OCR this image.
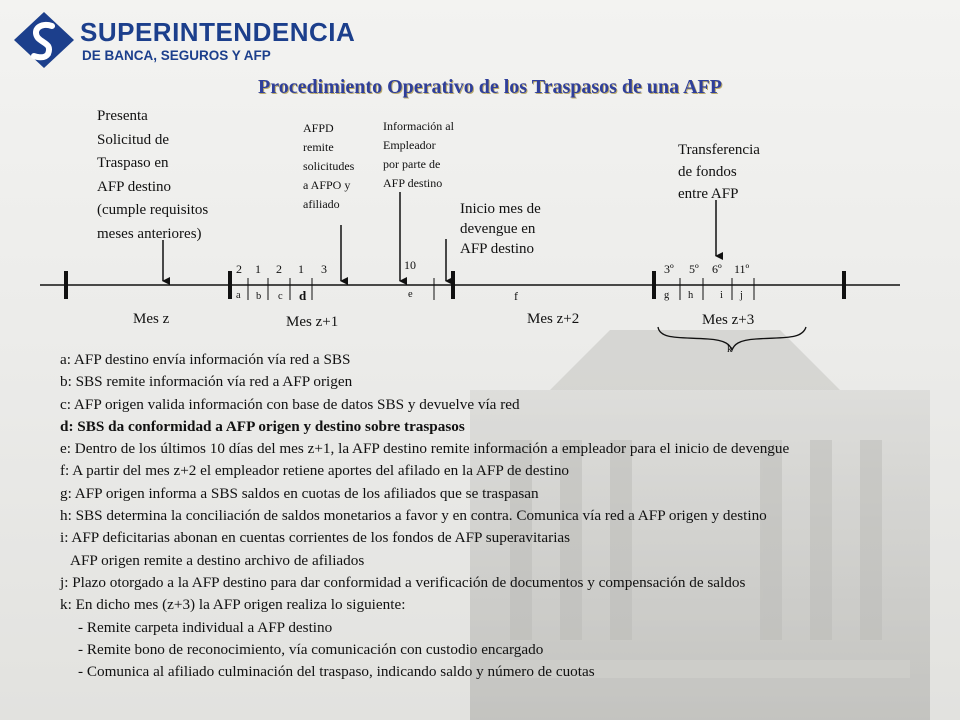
SUPERINTENDENCIA
DE BANCA, SEGUROS Y AFP
Procedimiento Operativo de los Traspasos de una AFP
Presenta
Solicitud de
Traspaso en
AFP destino
(cumple requisitos
meses anteriores)
AFPD
remite
solicitudes
a AFPO y
afiliado
Información al
Empleador
por parte de
AFP destino
Inicio mes de
devengue en
AFP destino
Transferencia
de fondos
entre AFP
2 1 2 1 3	10	3º 5º 6º 11º
a b c d	e	f	g h	i j
k
Mes z	Mes z+1	Mes z+2	Mes z+3
a: AFP destino envía información vía red a SBS
b: SBS remite información vía red a AFP origen
c: AFP origen valida información con base de datos SBS y devuelve vía red
d: SBS da conformidad a AFP origen y destino sobre traspasos
e: Dentro de los últimos 10 días del mes z+1, la AFP destino remite información a empleador para el inicio de devengue
f: A partir del mes z+2 el empleador retiene aportes del afilado en la AFP de destino
g: AFP origen informa a SBS saldos en cuotas de los afiliados que se traspasan
h: SBS determina la conciliación de saldos monetarios a favor y en contra. Comunica vía red a AFP origen y destino
i: AFP deficitarias abonan en cuentas corrientes de los fondos de AFP superavitarias
AFP origen remite a destino archivo de afiliados
j: Plazo otorgado a la AFP destino para dar conformidad a verificación de documentos y compensación de saldos
k: En dicho mes (z+3) la AFP origen realiza lo siguiente:
- Remite carpeta individual a AFP destino
- Remite bono de reconocimiento, vía comunicación con custodio encargado
- Comunica al afiliado culminación del traspaso, indicando saldo y número de cuotas
